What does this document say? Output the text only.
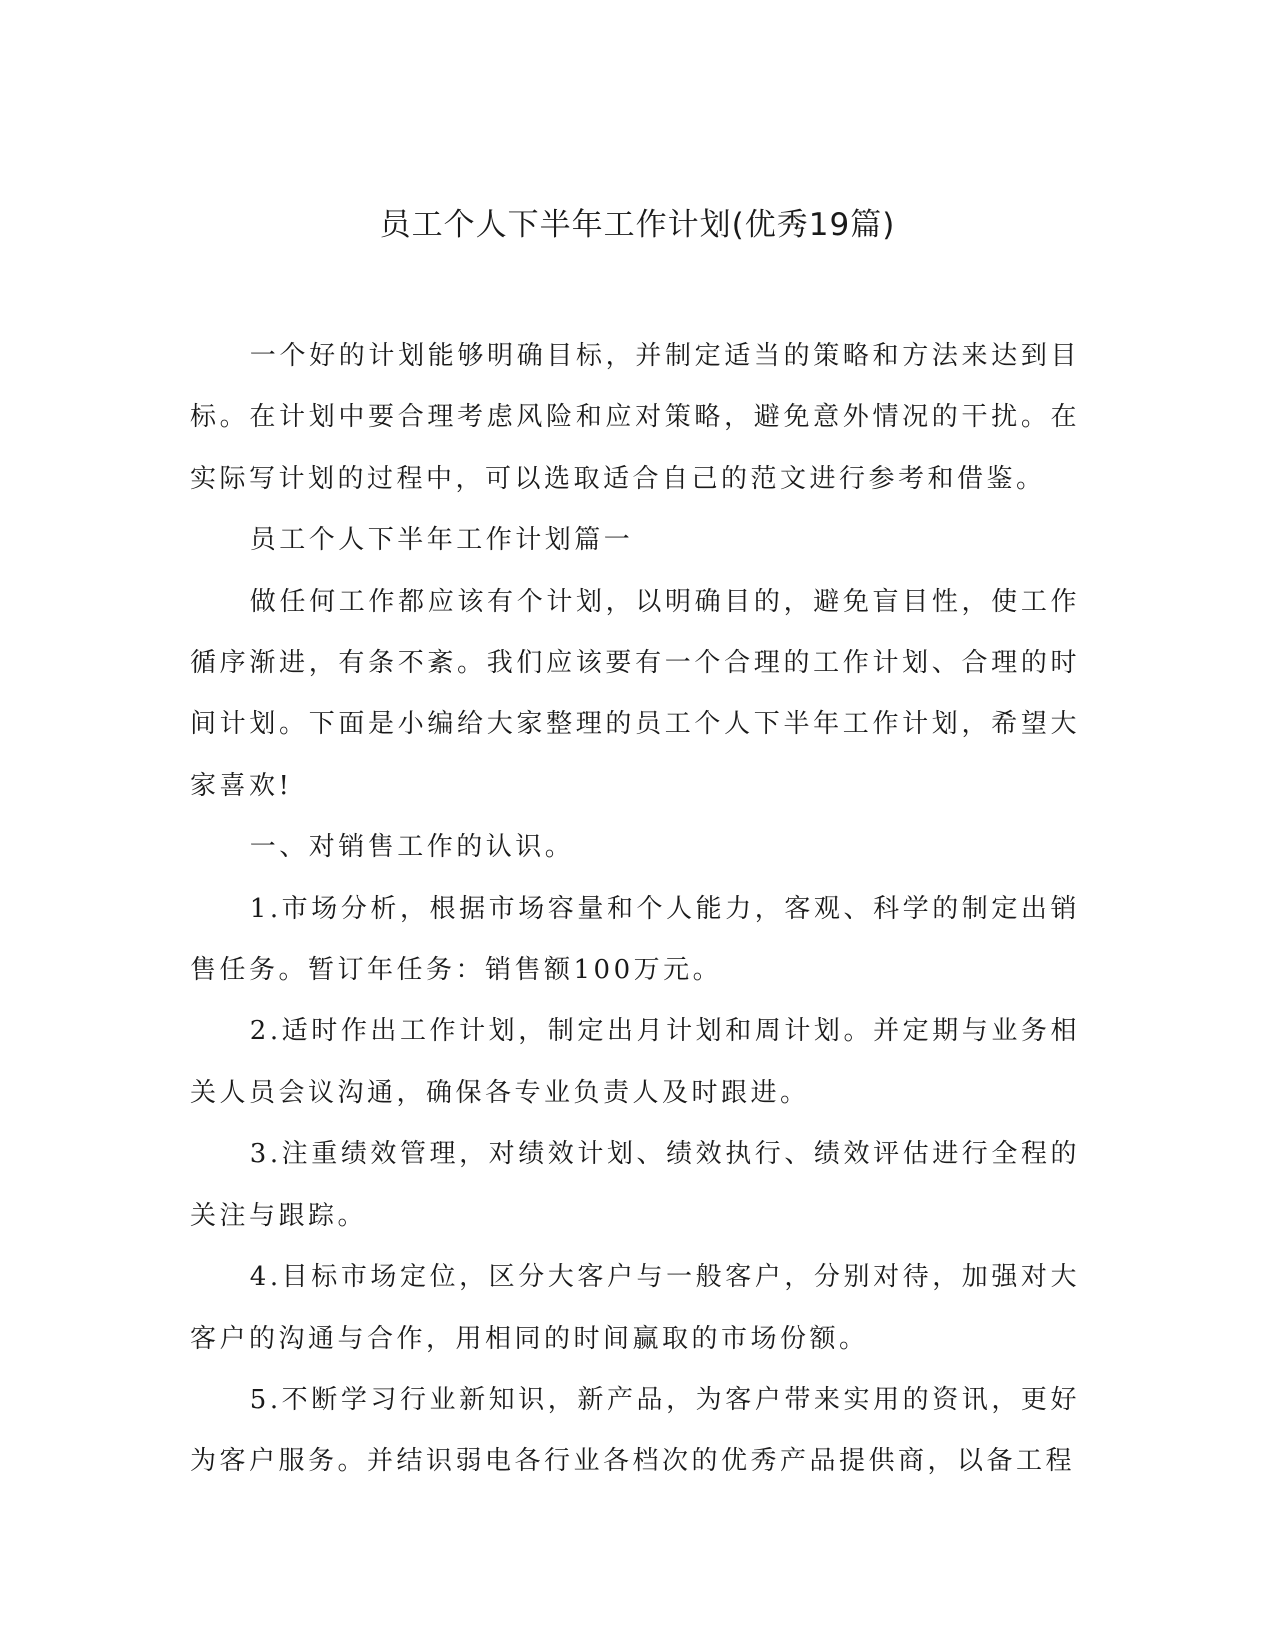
员工个人下半年工作计划(优秀19篇)

一个好的计划能够明确目标，并制定适当的策略和方法来达到目标。在计划中要合理考虑风险和应对策略，避免意外情况的干扰。在实际写计划的过程中，可以选取适合自己的范文进行参考和借鉴。

员工个人下半年工作计划篇一

做任何工作都应该有个计划，以明确目的，避免盲目性，使工作循序渐进，有条不紊。我们应该要有一个合理的工作计划、合理的时间计划。下面是小编给大家整理的员工个人下半年工作计划，希望大家喜欢!

一、对销售工作的认识。

1.市场分析，根据市场容量和个人能力，客观、科学的制定出销售任务。暂订年任务：销售额100万元。

2.适时作出工作计划，制定出月计划和周计划。并定期与业务相关人员会议沟通，确保各专业负责人及时跟进。

3.注重绩效管理，对绩效计划、绩效执行、绩效评估进行全程的关注与跟踪。

4.目标市场定位，区分大客户与一般客户，分别对待，加强对大客户的沟通与合作，用相同的时间赢取的市场份额。

5.不断学习行业新知识，新产品，为客户带来实用的资讯，更好为客户服务。并结识弱电各行业各档次的优秀产品提供商，以备工程
